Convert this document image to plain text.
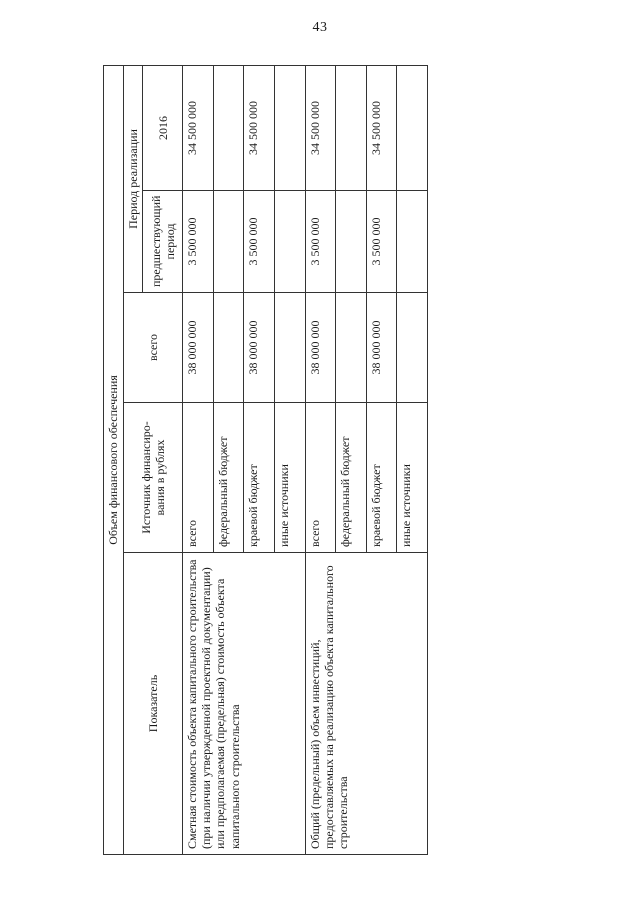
43
Объем финансового обеспечения				
Показатель	Источник финансиро-вания в рублях	всего	Период реализации	
			предшествующий период	2016
Сметная стоимость объекта капитального строительства (при наличии утвержденной проектной документации) или предполагаемая (предельная) стоимость объекта капитального строительства	всего	38 000 000	3 500 000	34 500 000
	федеральный бюджет			
	краевой бюджет	38 000 000	3 500 000	34 500 000
	иные источники			
Общий (предельный) объем инвестиций, предоставляемых на реализацию объекта капитального строительства	всего	38 000 000	3 500 000	34 500 000
	федеральный бюджет			
	краевой бюджет	38 000 000	3 500 000	34 500 000
	иные источники			
